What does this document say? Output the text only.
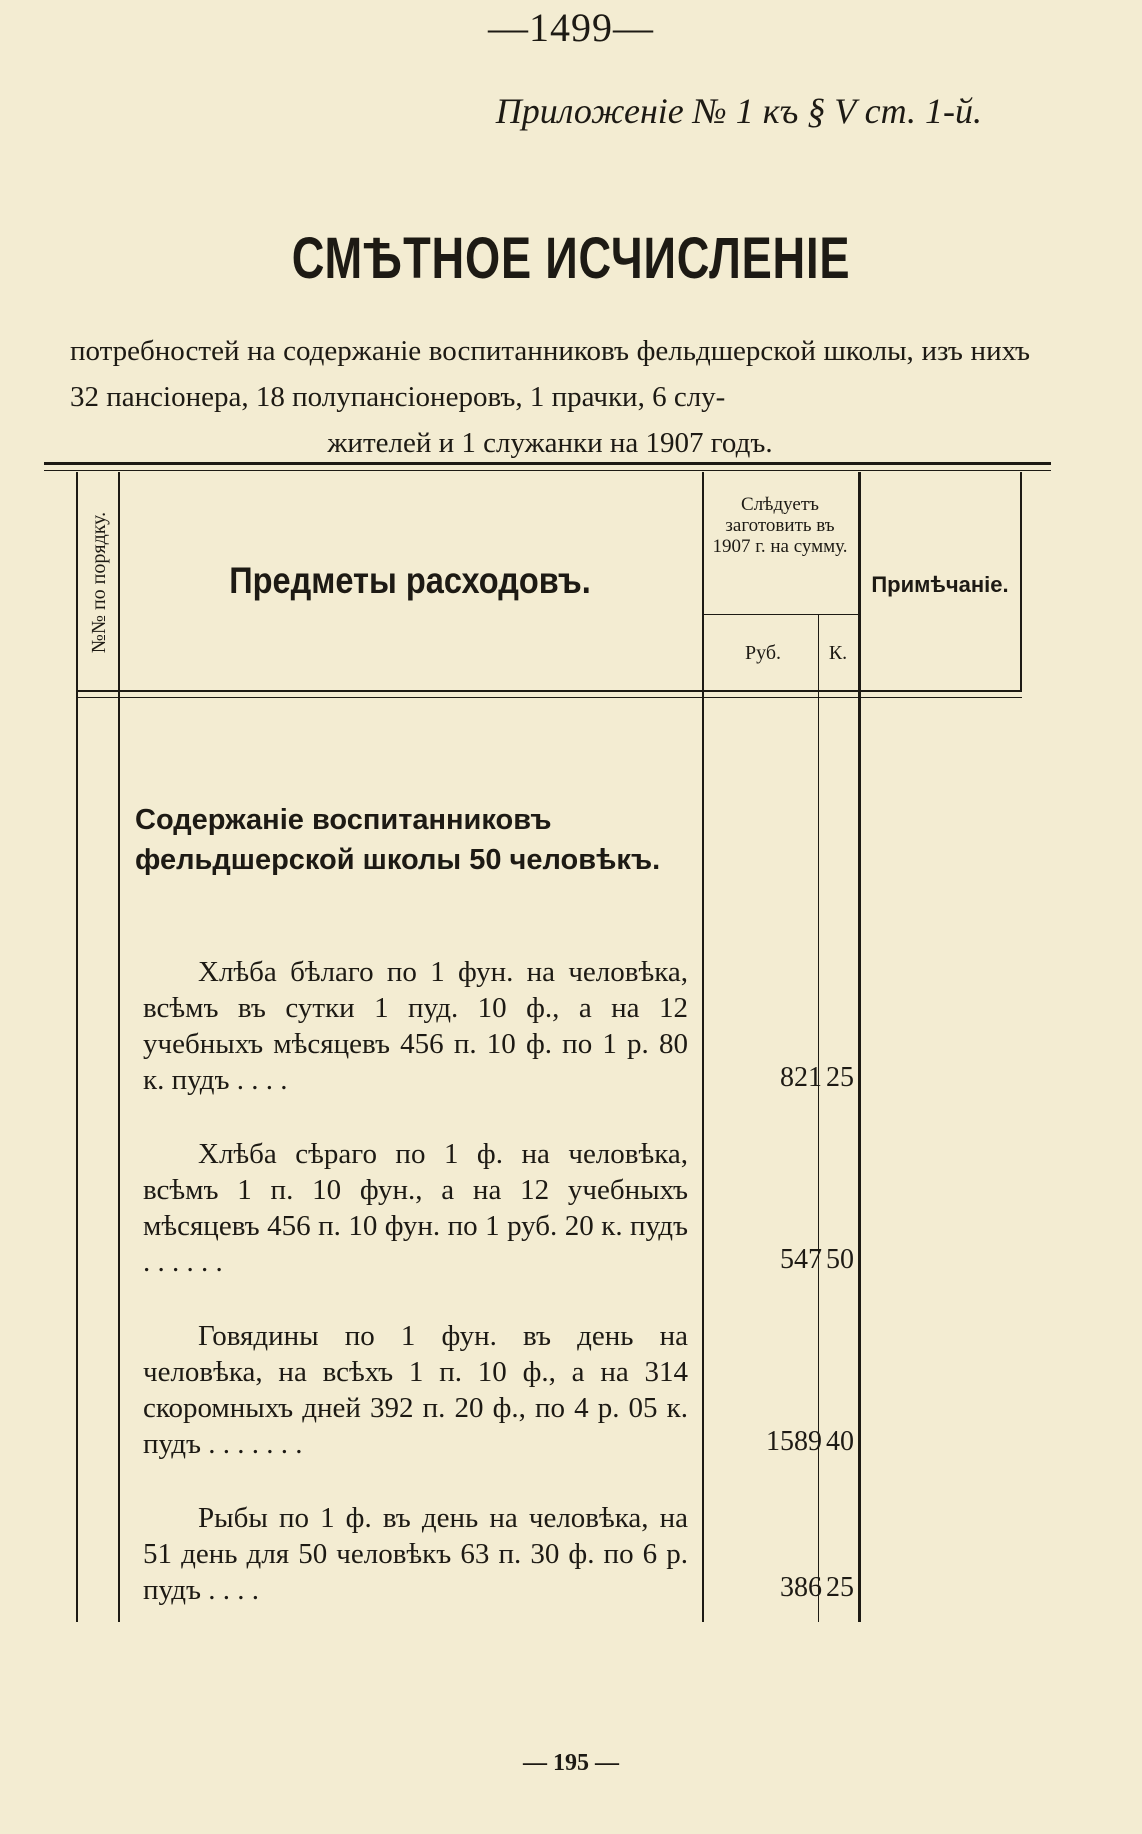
—1499—
Приложенiе № 1 къ § V ст. 1-й.
СМѢТНОЕ ИСЧИСЛЕНIЕ
потребностей на содержанiе воспитанниковъ фельдшерской школы, изъ нихъ 32 пансiонера, 18 полупансiонеровъ, 1 прачки, 6 слу-
жителей и 1 служанки на 1907 годъ.
№№ по порядку.	Предметы расходовъ.
Слѣдуетъ заготовить въ 1907 г. на сумму.
Руб.	К.
Примѣчанiе.
Содержанiе воспитанниковъ фельдшерской школы 50 человѣкъ.
Хлѣба бѣлаго по 1 фун. на человѣка, всѣмъ въ сутки 1 пуд. 10 ф., а на 12 учебныхъ мѣсяцевъ 456 п. 10 ф. по 1 р. 80 к. пудъ . . . .	821 25
Хлѣба сѣраго по 1 ф. на человѣка, всѣмъ 1 п. 10 фун., а на 12 учебныхъ мѣсяцевъ 456 п. 10 фун. по 1 руб. 20 к. пудъ . . . . . .	547 50
Говядины по 1 фун. въ день на человѣка, на всѣхъ 1 п. 10 ф., а на 314 скоромныхъ дней 392 п. 20 ф., по 4 р. 05 к. пудъ . . . . . . .	1589 40
Рыбы по 1 ф. въ день на человѣка, на 51 день для 50 человѣкъ 63 п. 30 ф. по 6 р. пудъ . . . .	386 25
— 195 —
